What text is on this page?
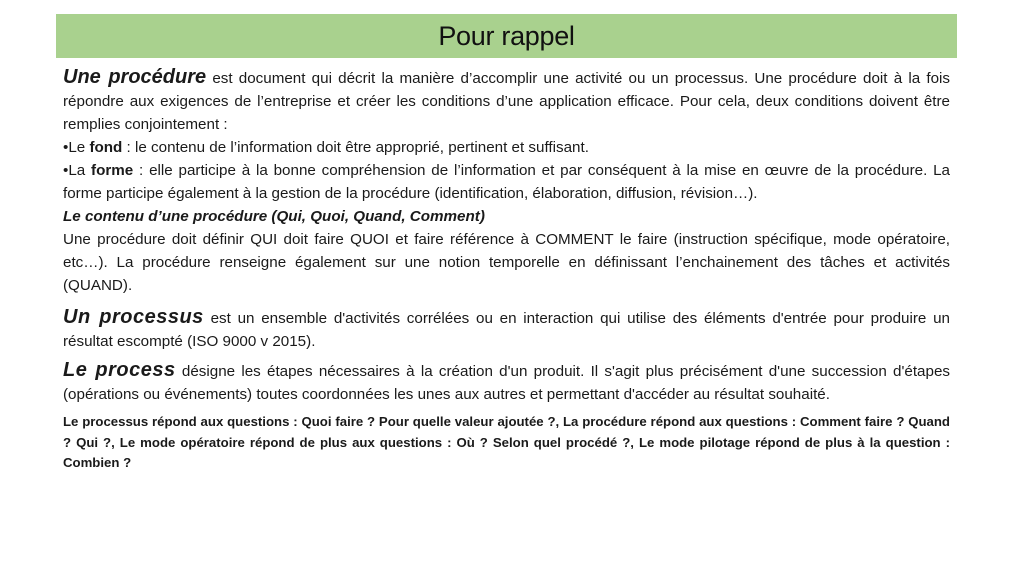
Pour rappel

Une procédure est document qui décrit la manière d’accomplir une activité ou un processus. Une procédure doit à la fois répondre aux exigences de l’entreprise et créer les conditions d’une application efficace. Pour cela, deux conditions doivent être remplies conjointement :

•Le fond : le contenu de l’information doit être approprié, pertinent et suffisant.

•La forme : elle participe à la bonne compréhension de l’information et par conséquent à la mise en œuvre de la procédure. La forme participe également à la gestion de la procédure (identification, élaboration, diffusion, révision…).

Le contenu d’une procédure (Qui, Quoi, Quand, Comment)

Une procédure doit définir QUI doit faire QUOI et faire référence à COMMENT le faire (instruction spécifique, mode opératoire, etc…). La procédure renseigne également sur une notion temporelle en définissant l’enchainement des tâches et activités (QUAND).

Un processus est un ensemble d'activités corrélées ou en interaction qui utilise des éléments d'entrée pour produire un résultat escompté (ISO 9000 v 2015).

Le process désigne les étapes nécessaires à la création d'un produit. Il s'agit plus précisément d'une succession d'étapes (opérations ou événements) toutes coordonnées les unes aux autres et permettant d'accéder au résultat souhaité.

Le processus répond aux questions : Quoi faire ? Pour quelle valeur ajoutée ?, La procédure répond aux questions : Comment faire ? Quand ? Qui ?, Le mode opératoire répond de plus aux questions : Où ? Selon quel procédé ?, Le mode pilotage répond de plus à la question : Combien ?
